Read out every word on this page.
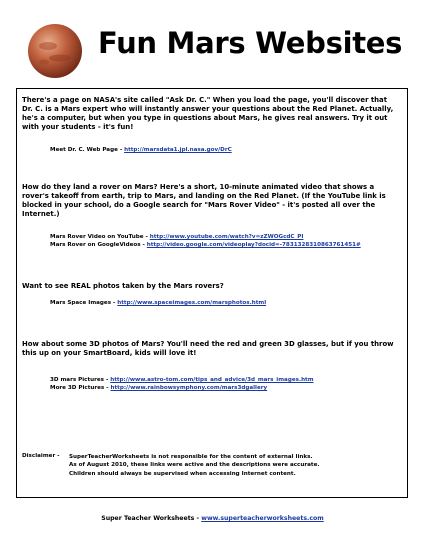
Fun Mars Websites
There's a page on NASA's site called "Ask Dr. C." When you load the page, you'll discover that Dr. C. is a Mars expert who will instantly answer your questions about the Red Planet. Actually, he's a computer, but when you type in questions about Mars, he gives real answers. Try it out with your students - it's fun!
Meet Dr. C. Web Page - http://marsdata1.jpl.nasa.gov/DrC
How do they land a rover on Mars? Here's a short, 10-minute animated video that shows a rover's takeoff from earth, trip to Mars, and landing on the Red Planet. (If the YouTube link is blocked in your school, do a Google search for "Mars Rover Video" - it's posted all over the Internet.)
Mars Rover Video on YouTube - http://www.youtube.com/watch?v=zZWOGcdC_PI
Mars Rover on GoogleVideos - http://video.google.com/videoplay?docid=-7831328310863761451#
Want to see REAL photos taken by the Mars rovers?
Mars Space Images - http://www.spaceimages.com/marsphotos.html
How about some 3D photos of Mars? You'll need the red and green 3D glasses, but if you throw this up on your SmartBoard, kids will love it!
3D mars Pictures - http://www.astro-tom.com/tips_and_advice/3d_mars_images.htm
More 3D Pictures - http://www.rainbowsymphony.com/mars3dgallery
Disclaimer - SuperTeacherWorksheets is not responsible for the content of external links.
As of August 2010, these links were active and the descriptions were accurate.
Children should always be supervised when accessing Internet content.
Super Teacher Worksheets - www.superteacherworksheets.com
